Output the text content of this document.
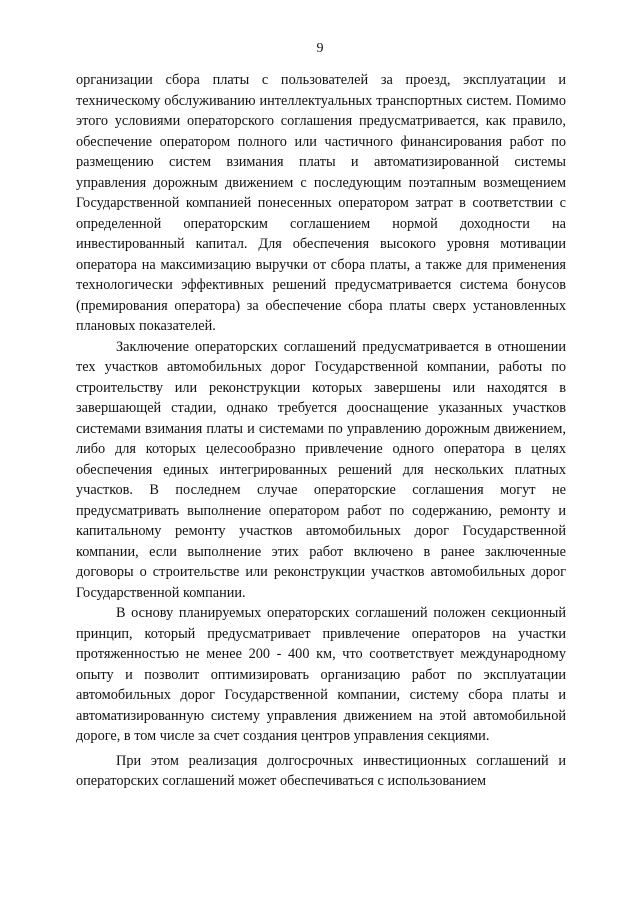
9

организации сбора платы с пользователей за проезд, эксплуатации и техническому обслуживанию интеллектуальных транспортных систем. Помимо этого условиями операторского соглашения предусматривается, как правило, обеспечение оператором полного или частичного финансирования работ по размещению систем взимания платы и автоматизированной системы управления дорожным движением с последующим поэтапным возмещением Государственной компанией понесенных оператором затрат в соответствии с определенной операторским соглашением нормой доходности на инвестированный капитал. Для обеспечения высокого уровня мотивации оператора на максимизацию выручки от сбора платы, а также для применения технологически эффективных решений предусматривается система бонусов (премирования оператора) за обеспечение сбора платы сверх установленных плановых показателей.

Заключение операторских соглашений предусматривается в отношении тех участков автомобильных дорог Государственной компании, работы по строительству или реконструкции которых завершены или находятся в завершающей стадии, однако требуется дооснащение указанных участков системами взимания платы и системами по управлению дорожным движением, либо для которых целесообразно привлечение одного оператора в целях обеспечения единых интегрированных решений для нескольких платных участков. В последнем случае операторские соглашения могут не предусматривать выполнение оператором работ по содержанию, ремонту и капитальному ремонту участков автомобильных дорог Государственной компании, если выполнение этих работ включено в ранее заключенные договоры о строительстве или реконструкции участков автомобильных дорог Государственной компании.

В основу планируемых операторских соглашений положен секционный принцип, который предусматривает привлечение операторов на участки протяженностью не менее 200 - 400 км, что соответствует международному опыту и позволит оптимизировать организацию работ по эксплуатации автомобильных дорог Государственной компании, систему сбора платы и автоматизированную систему управления движением на этой автомобильной дороге, в том числе за счет создания центров управления секциями.

При этом реализация долгосрочных инвестиционных соглашений и операторских соглашений может обеспечиваться с использованием
